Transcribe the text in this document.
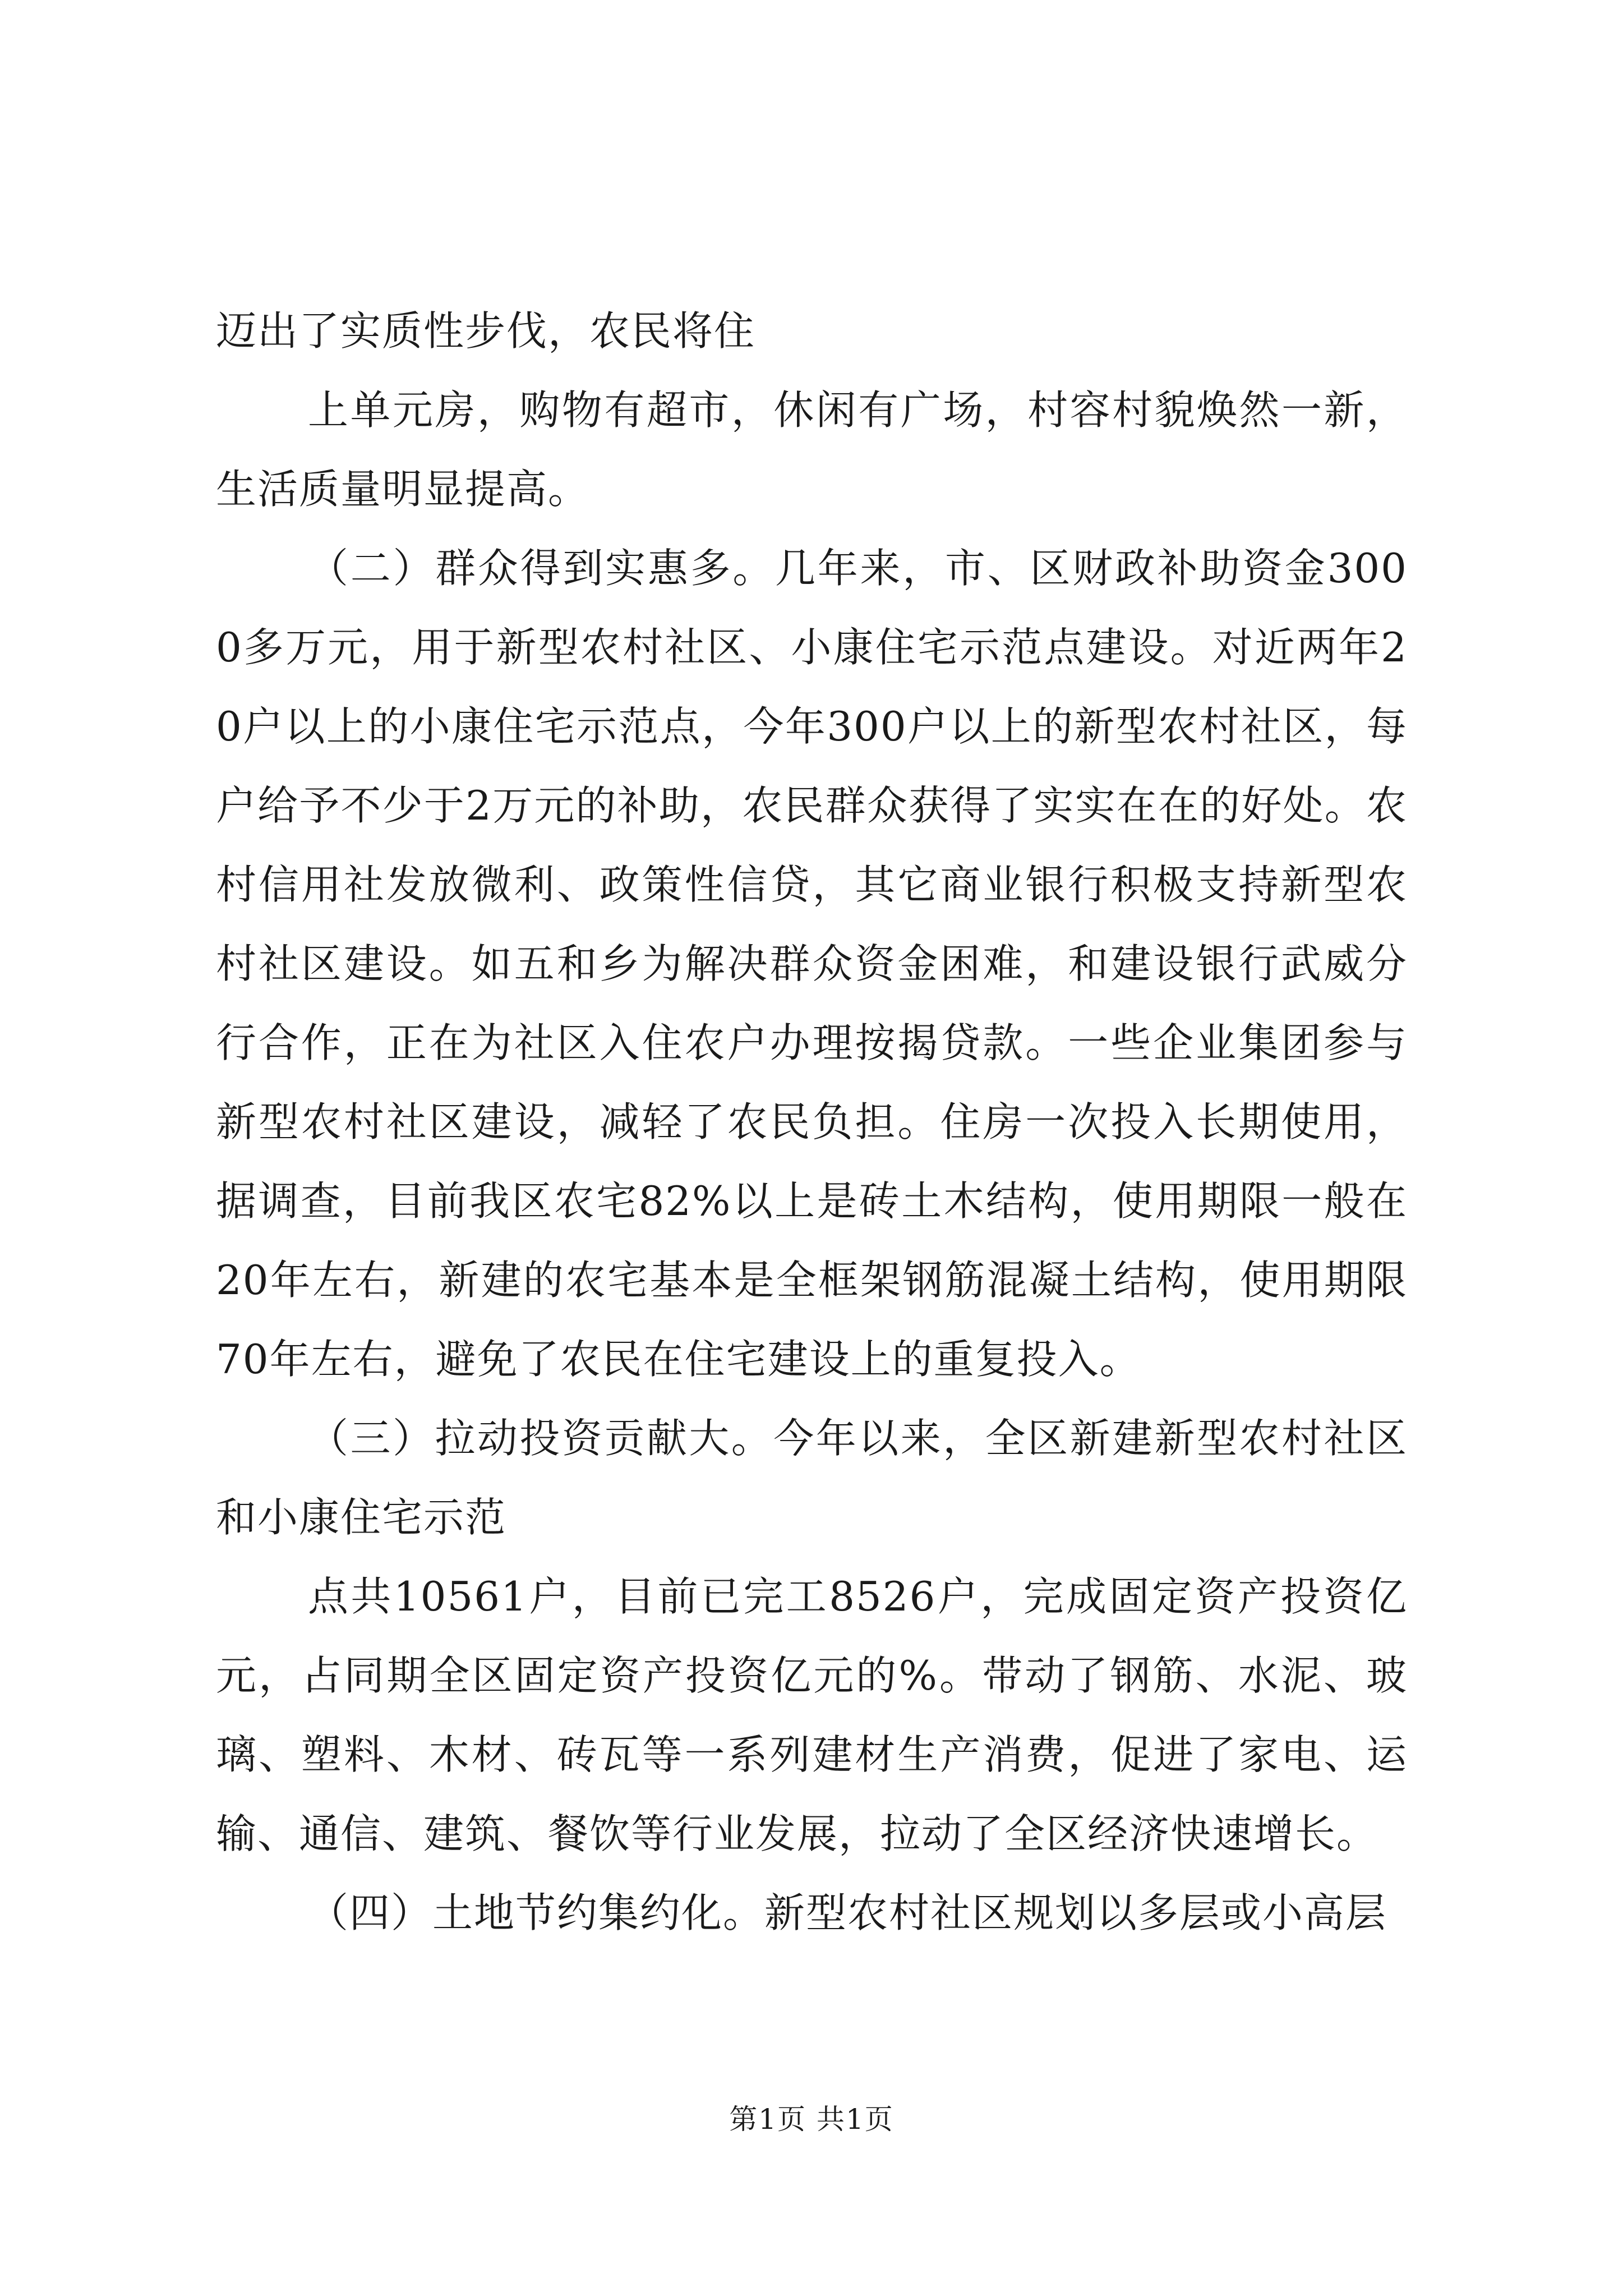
迈出了实质性步伐，农民将住

上单元房，购物有超市，休闲有广场，村容村貌焕然一新，生活质量明显提高。

（二）群众得到实惠多。几年来，市、区财政补助资金3000多万元，用于新型农村社区、小康住宅示范点建设。对近两年20户以上的小康住宅示范点，今年300户以上的新型农村社区，每户给予不少于2万元的补助，农民群众获得了实实在在的好处。农村信用社发放微利、政策性信贷，其它商业银行积极支持新型农村社区建设。如五和乡为解决群众资金困难，和建设银行武威分行合作，正在为社区入住农户办理按揭贷款。一些企业集团参与新型农村社区建设，减轻了农民负担。住房一次投入长期使用，据调查，目前我区农宅82%以上是砖土木结构，使用期限一般在20年左右，新建的农宅基本是全框架钢筋混凝土结构，使用期限70年左右，避免了农民在住宅建设上的重复投入。

（三）拉动投资贡献大。今年以来，全区新建新型农村社区和小康住宅示范

点共10561户，目前已完工8526户，完成固定资产投资亿元，占同期全区固定资产投资亿元的%。带动了钢筋、水泥、玻璃、塑料、木材、砖瓦等一系列建材生产消费，促进了家电、运输、通信、建筑、餐饮等行业发展，拉动了全区经济快速增长。

（四）土地节约集约化。新型农村社区规划以多层或小高层

第1页 共1页
